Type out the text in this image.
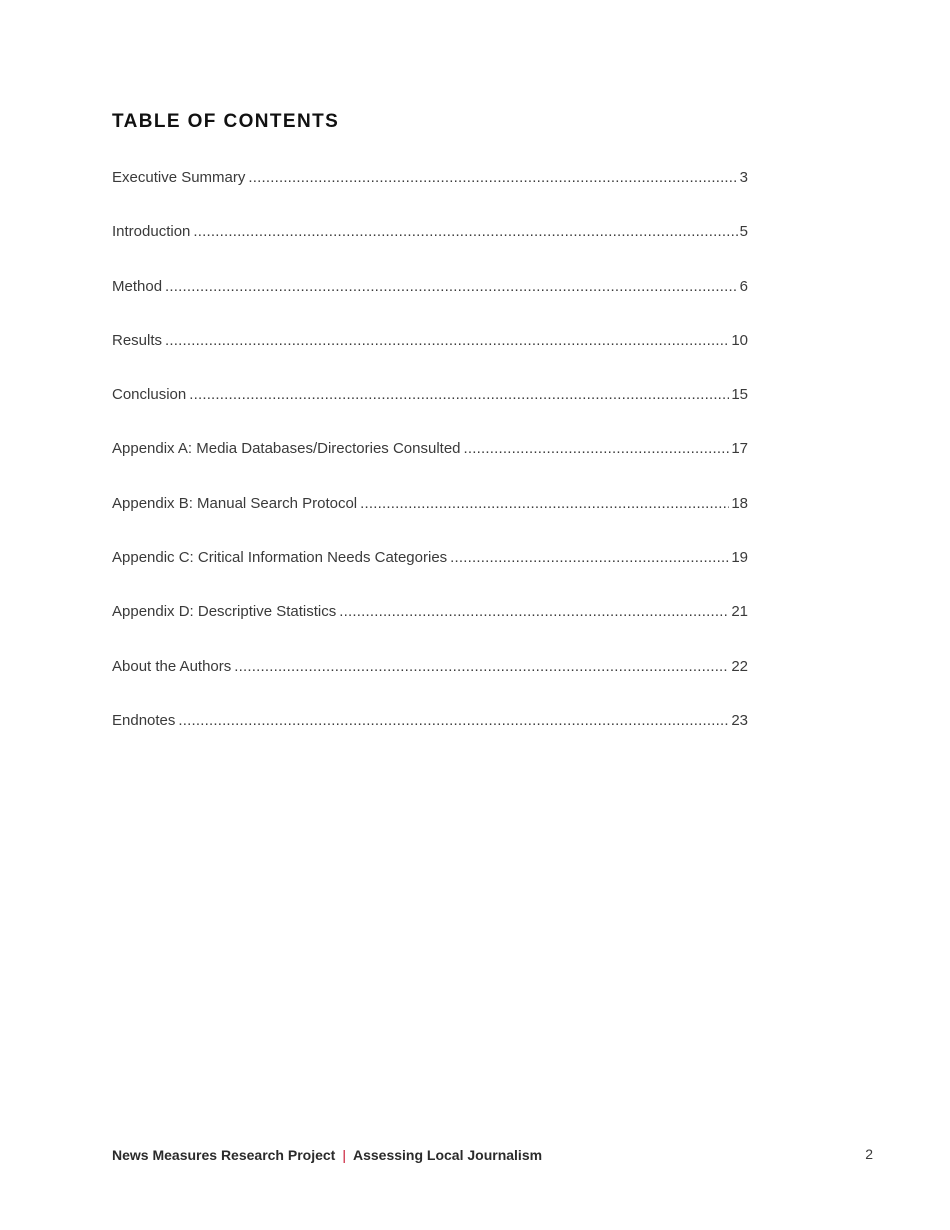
TABLE OF CONTENTS
Executive Summary .....	3
Introduction .....	5
Method .....	6
Results .....	10
Conclusion .....	15
Appendix A: Media Databases/Directories Consulted .....	17
Appendix B: Manual Search Protocol .....	18
Appendic C: Critical Information Needs Categories .....	19
Appendix D: Descriptive Statistics .....	21
About the Authors .....	22
Endnotes .....	23
News Measures Research Project | Assessing Local Journalism	2
